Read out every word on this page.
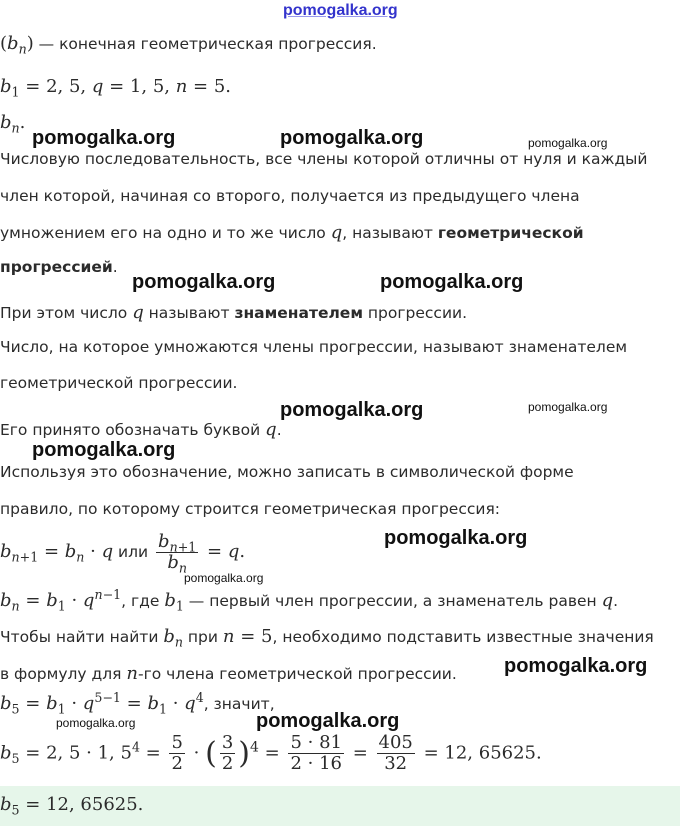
pomogalka.org
$(b_n)$ — конечная геометрическая прогрессия.
$b_1 = 2$, 5, q = 1, 5, n = 5.
$b_n$.
pomogalka.org	pomogalka.org	pomogalka.org
Числовую последовательность, все члены которой отличны от нуля и каждый
член которой, начиная со второго, получается из предыдущего члена
умножением его на одно и то же число q, называют геометрической
прогрессией.
pomogalka.org	pomogalka.org
При этом число q называют знаменателем прогрессии.
Число, на которое умножаются члены прогрессии, называют знаменателем
геометрической прогрессии.
pomogalka.org	pomogalka.org
Его принято обозначать буквой q.
pomogalka.org
Используя это обозначение, можно записать в символической форме
правило, по которому строится геометрическая прогрессия:
pomogalka.org
$b_{n+1} = b_n \cdot q$ или $\frac{b_{n+1}}{b_n} = q$.
pomogalka.org
$b_n = b_1 \cdot q^{n-1}$, где $b_1$ — первый член прогрессии, а знаменатель равен q.
Чтобы найти найти $b_n$ при n = 5, необходимо подставить известные значения
pomogalka.org
в формулу для n-го члена геометрической прогрессии.
$b_5 = b_1 \cdot q^{5-1} = b_1 \cdot q^4$, значит,
pomogalka.org	pomogalka.org
$b_5 = 2$, 5 · 1, $5^4 = \frac{5}{2}$ · ( $\frac{3}{2} )^4 = \frac{5 \cdot 81}{2 \cdot 16} = \frac{405}{32} = 12$, 65625.
$b_5 = 12$, 65625.
